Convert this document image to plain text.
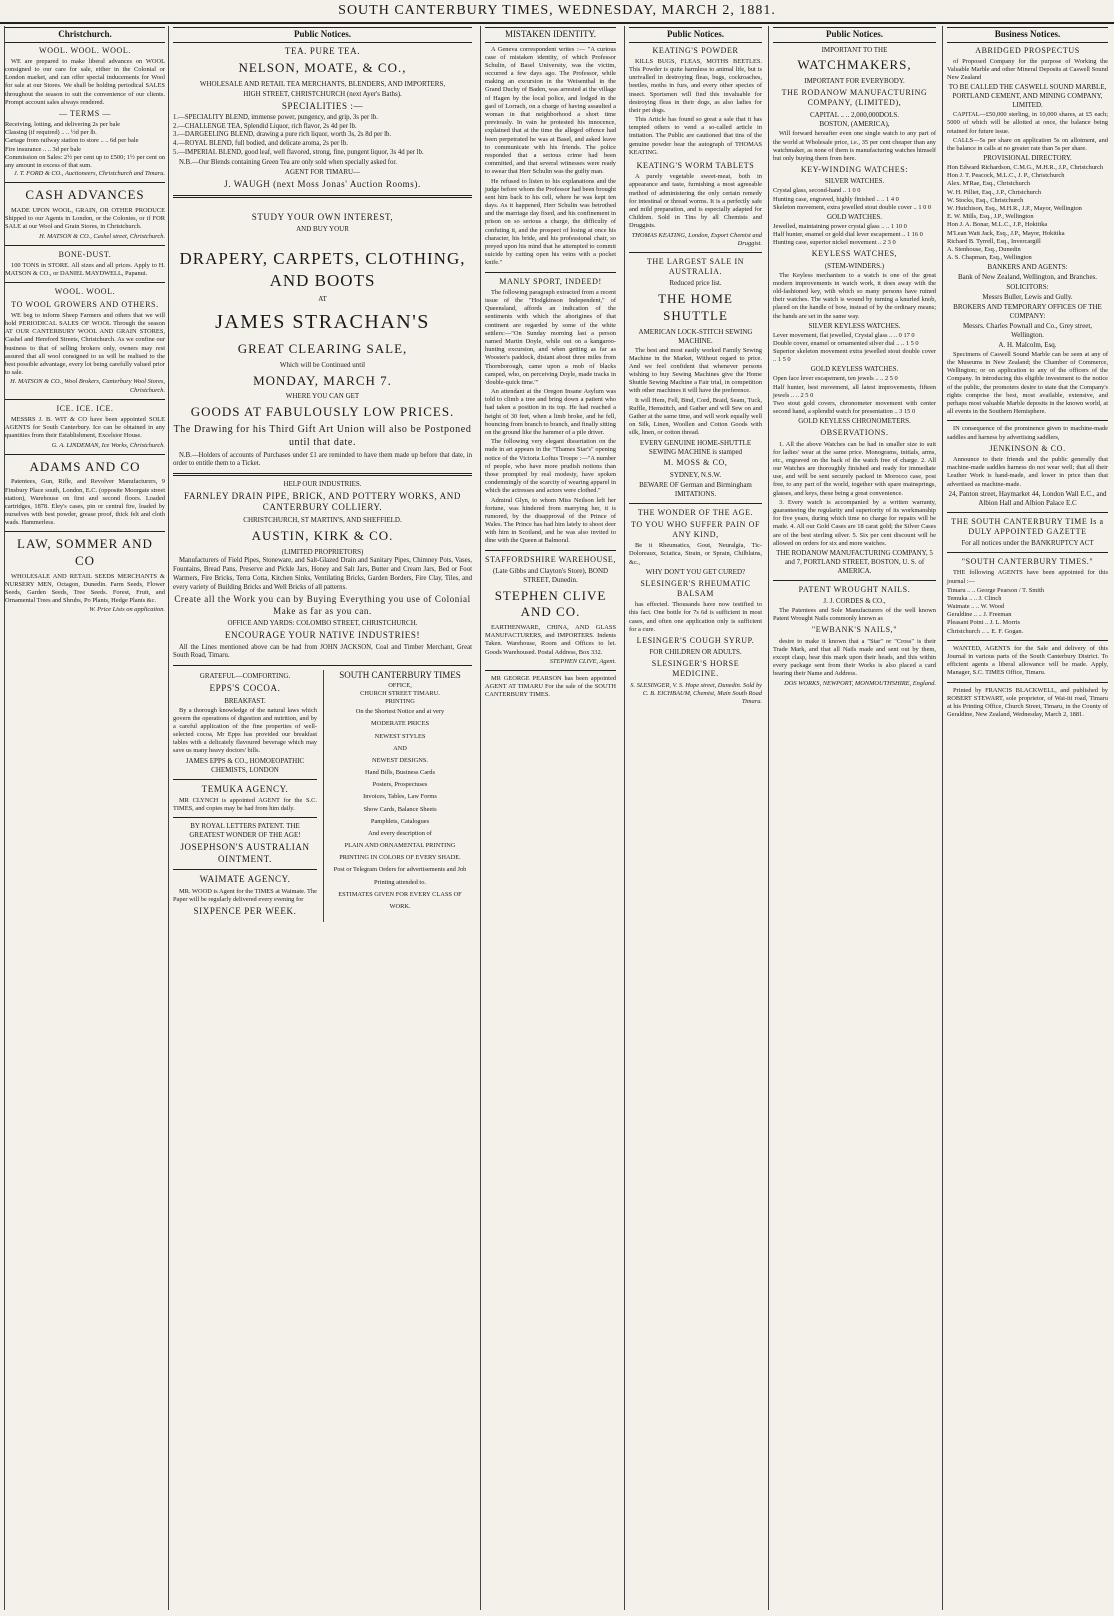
SOUTH CANTERBURY TIMES, WEDNESDAY, MARCH 2, 1881.
Christchurch.
WOOL. WOOL. WOOL.

WE are prepared to make liberal advances on WOOL consigned to our care for sale, either in the Colonial or London market, and can offer special inducements for Wool for sale at our Stores. We shall be holding periodical SALES throughout the season to suit the convenience of our clients. Prompt account sales always rendered.

— TERMS —
Receiving, lotting, and delivering 2s per bale
Classing (if required) .. .. ½d per lb.
Cartage from railway station to store .. .. 6d per bale
Fire insurance .. .. 3d per bale
Commission on Sales: 2½ per cent up to £500; 1½ per cent on any amount in excess of that sum.
J. T. FORD & CO., Auctioneers, Christchurch and Timaru.
CASH ADVANCES

MADE UPON WOOL, GRAIN, OR OTHER PRODUCE Shipped to our Agents in London, or the Colonies, or if FOR SALE at our Wool and Grain Stores, in Christchurch.

H. MATSON & CO., Cashel street, Christchurch.
BONE-DUST.

100 TONS in STORE. All sizes and all prices. Apply to H. MATSON & CO., or DANIEL MAYDWELL, Papanui.

WOOL. WOOL.
TO WOOL GROWERS AND OTHERS.

WE beg to inform Sheep Farmers and others that we will hold PERIODICAL SALES OF WOOL Through the season AT OUR CANTERBURY WOOL AND GRAIN STORES, Cashel and Hereford Streets, Christchurch. As we confine our business to that of selling brokers only, owners may rest assured that all wool consigned to us will be realised to the best possible advantage, every lot being carefully valued prior to sale.

H. MATSON & CO., Wool Brokers, Canterbury Wool Stores, Christchurch.
ICE. ICE. ICE.

MESSRS J. B. WIT & CO have been appointed SOLE AGENTS for South Canterbury. Ice can be obtained in any quantities from their Establishment, Excelsior House.

G. A. LINDEMAN, Ice Works, Christchurch.
ADAMS AND CO

Patentees, Gun, Rifle, and Revolver Manufacturers, 9 Finsbury Place south, London, E.C. (opposite Moorgate street station), Warehouse on first and second floors. Loaded cartridges, 1878. Eley's cases, pin or central fire, loaded by ourselves with best powder, grease proof, thick felt and cloth wads. Hammerless.

LAW, SOMMER AND CO

WHOLESALE AND RETAIL SEEDS MERCHANTS & NURSERY MEN, Octagon, Dunedin. Farm Seeds, Flower Seeds, Garden Seeds, Tree Seeds. Forest, Fruit, and Ornamental Trees and Shrubs, Po Plants, Hedge Plants &c.

W. Price Lists on application.
Public Notices.
TEA. PURE TEA.
NELSON, MOATE, & CO.,
WHOLESALE AND RETAIL TEA MERCHANTS, BLENDERS, AND IMPORTERS,
HIGH STREET, CHRISTCHURCH (next Ayer's Baths).
SPECIALITIES :—
1.—SPECIALITY BLEND, immense power, pungency, and grip, 3s per lb.
2.—CHALLENGE TEA, Splendid Liquor, rich flavor, 2s 4d per lb.
3.—DARGEELING BLEND, drawing a pure rich liquor, worth 3s, 2s 8d per lb.
4.—ROYAL BLEND, full bodied, and delicate aroma, 2s per lb.
5.—IMPERIAL BLEND, good leaf, well flavored, strong, fine, pungent liquor, 3s 4d per lb.

N.B.—Our Blends containing Green Tea are only sold when specially asked for.

AGENT FOR TIMARU—
J. WAUGH (next Moss Jonas' Auction Rooms).
STUDY YOUR OWN INTEREST,
AND BUY YOUR
DRAPERY, CARPETS, CLOTHING, AND BOOTS
AT
JAMES STRACHAN'S
GREAT CLEARING SALE,
Which will be Continued until
MONDAY, MARCH 7.
WHERE YOU CAN GET
GOODS AT FABULOUSLY LOW PRICES.
The Drawing for his Third Gift Art Union will also be Postponed until that date.

N.B.—Holders of accounts of Purchases under £1 are reminded to have them made up before that date, in order to entitle them to a Ticket.

HELP OUR INDUSTRIES.
FARNLEY DRAIN PIPE, BRICK, AND POTTERY WORKS, AND CANTERBURY COLLIERY.
CHRISTCHURCH, ST MARTIN'S, AND SHEFFIELD.
AUSTIN, KIRK & CO.
(LIMITED PROPRIETORS)

Manufacturers of Field Pipes, Stoneware, and Salt-Glazed Drain and Sanitary Pipes, Chimney Pots, Vases, Fountains, Bread Pans, Preserve and Pickle Jars, Honey and Salt Jars, Butter and Cream Jars, Bed or Foot Warmers, Fire Bricks, Terra Cotta, Kitchen Sinks, Ventilating Bricks, Garden Borders, Fire Clay, Tiles, and every variety of Building Bricks and Well Bricks of all patterns.

Create all the Work you can by Buying Everything you use of Colonial Make as far as you can.
OFFICE AND YARDS: COLOMBO STREET, CHRISTCHURCH.
ENCOURAGE YOUR NATIVE INDUSTRIES!

All the Lines mentioned above can be had from JOHN JACKSON, Coal and Timber Merchant, Great South Road, Timaru.

GRATEFUL—COMFORTING.
EPPS'S COCOA.
BREAKFAST.

By a thorough knowledge of the natural laws which govern the operations of digestion and nutrition, and by a careful application of the fine properties of well-selected cocoa, Mr Epps has provided our breakfast tables with a delicately flavoured beverage which may save us many heavy doctors' bills.

JAMES EPPS & CO., HOMOEOPATHIC CHEMISTS, LONDON
TEMUKA AGENCY.

MR CLYNCH is appointed AGENT for the S.C. TIMES, and copies may be had from him daily.

BY ROYAL LETTERS PATENT. THE GREATEST WONDER OF THE AGE!
JOSEPHSON'S AUSTRALIAN OINTMENT.
WAIMATE AGENCY.

MR. WOOD is Agent for the TIMES at Waimate. The Paper will be regularly delivered every evening for

SIXPENCE PER WEEK.
SOUTH CANTERBURY TIMES
OFFICE,
CHURCH STREET TIMARU.
PRINTING
On the Shortest Notice and at very
MODERATE PRICES
NEWEST STYLES
AND
NEWEST DESIGNS.
Hand Bills, Business Cards
Posters, Prospectuses
Invoices, Tables, Law Forms
Show Cards, Balance Sheets
Pamphlets, Catalogues
And every description of
PLAIN AND ORNAMENTAL PRINTING
PRINTING IN COLORS OF EVERY SHADE.
Post or Telegram Orders for advertisements and Job Printing attended to.
ESTIMATES GIVEN FOR EVERY CLASS OF WORK.
MISTAKEN IDENTITY.

A Geneva correspondent writes :— "A curious case of mistaken identity, of which Professor Schulin, of Basel University, was the victim, occurred a few days ago. The Professor, while making an excursion in the Weisenthal in the Grand Duchy of Baden, was arrested at the village of Hagen by the local police, and lodged in the gaol of Lorrach, on a charge of having assaulted a woman in that neighborhood a short time previously. In vain he protested his innocence, explained that at the time the alleged offence had been perpetrated he was at Basel, and asked leave to communicate with his friends. The police responded that a serious crime had been committed, and that several witnesses were ready to swear that Herr Schulin was the guilty man.

He refused to listen to his explanations and the judge before whom the Professor had been brought sent him back to his cell, where he was kept ten days. As it happened, Herr Schulin was betrothed and the marriage day fixed, and his confinement in prison on so serious a charge, the difficulty of confuting it, and the prospect of losing at once his character, his bride, and his professional chair, so preyed upon his mind that he attempted to commit suicide by cutting open his veins with a pocket knife."

MANLY SPORT, INDEED!

The following paragraph extracted from a recent issue of the "Hodgkinson Independent," of Queensland, affords an indication of the sentiments with which the aborigines of that continent are regarded by some of the white settlers:—"On Sunday morning last a person named Martin Doyle, while out on a kangaroo-hunting excursion, and when getting as far as Wooster's paddock, distant about three miles from Thornborough, came upon a mob of blacks camped, who, on perceiving Doyle, made tracks in 'double-quick time.'"

An attendant at the Oregon Insane Asylum was told to climb a tree and bring down a patient who had taken a position in its top. He had reached a height of 30 feet, when a limb broke, and he fell, bouncing from branch to branch, and finally sitting on the ground like the hammer of a pile driver.

The following very elegant dissertation on the nude in art appears in the "Thames Star's" opening notice of the Victoria Loftus Troupe :—"A number of people, who have more prudish notions than those prompted by real modesty, have spoken condemningly of the scarcity of wearing apparel in which the actresses and actors were clothed."

Admiral Glyn, to whom Miss Neilson left her fortune, was hindered from marrying her, it is rumored, by the disapproval of the Prince of Wales. The Prince has had him lately to shoot deer with him in Scotland, and he was also invited to dine with the Queen at Balmoral.

STAFFORDSHIRE WAREHOUSE,
(Late Gibbs and Clayton's Store), BOND STREET, Dunedin.
STEPHEN CLIVE AND CO.

EARTHENWARE, CHINA, AND GLASS MANUFACTURERS, and IMPORTERS. Indents Taken. Warehouse, Room and Offices to let. Goods Warehoused. Postal Address, Box 332.

STEPHEN CLIVE, Agent.

MR GEORGE PEARSON has been appointed AGENT AT TIMARU For the sale of the SOUTH CANTERBURY TIMES.

Public Notices.
KEATING'S POWDER

KILLS BUGS, FLEAS, MOTHS BEETLES. This Powder is quite harmless to animal life, but is unrivalled in destroying fleas, bugs, cockroaches, beetles, moths in furs, and every other species of insect. Sportsmen will find this invaluable for destroying fleas in their dogs, as also ladies for their pet dogs.

This Article has found so great a sale that it has tempted others to vend a so-called article in imitation. The Public are cautioned that tins of the genuine powder bear the autograph of THOMAS KEATING.

KEATING'S WORM TABLETS

A purely vegetable sweet-meat, both in appearance and taste, furnishing a most agreeable method of administering the only certain remedy for intestinal or thread worms. It is a perfectly safe and mild preparation, and is especially adapted for Children. Sold in Tins by all Chemists and Druggists.

THOMAS KEATING, London, Export Chemist and Druggist.
THE LARGEST SALE IN AUSTRALIA.
Reduced price list.
THE HOME SHUTTLE
AMERICAN LOCK-STITCH SEWING MACHINE.

The best and most easily worked Family Sewing Machine in the Market, Without regard to price. And we feel confident that whenever persons wishing to buy Sewing Machines give the Home Shuttle Sewing Machine a Fair trial, in competition with other machines it will have the preference.

It will Hem, Fell, Bind, Cord, Braid, Seam, Tuck, Ruffle, Hemstitch, and Gather and will Sew on and Gather at the same time, and will work equally well on Silk, Linen, Woollen and Cotton Goods with silk, linen, or cotton thread.

EVERY GENUINE HOME-SHUTTLE SEWING MACHINE is stamped
M. MOSS & CO,
SYDNEY, N.S.W.
BEWARE OF German and Birmingham IMITATIONS.
THE WONDER OF THE AGE.
TO YOU WHO SUFFER PAIN OF ANY KIND,

Be it Rheumatics, Gout, Neuralgia, Tic-Doloreaux, Sciatica, Strain, or Sprain, Chilblains, &c.,

WHY DON'T YOU GET CURED?
SLESINGER'S RHEUMATIC BALSAM

has effected. Thousands have now testified to this fact. One bottle for 7s 6d is sufficient in most cases, and often one application only is sufficient for a cure.

LESINGER'S COUGH SYRUP.
FOR CHILDREN OR ADULTS.
SLESINGER'S HORSE MEDICINE.
S. SLESINGER, V. S. Hope street, Dunedin. Sold by C. B. EICHBAUM, Chemist, Main South Road Timaru.
Public Notices.
IMPORTANT TO THE
WATCHMAKERS,
IMPORTANT FOR EVERYBODY.
THE RODANOW MANUFACTURING COMPANY, (LIMITED),
CAPITAL .. .. 2,000,000DOLS.
BOSTON, (AMERICA),

Will forward hereafter even one single watch to any part of the world at Wholesale price, i.e., 35 per cent cheaper than any watchmaker, as none of them is manufacturing watches himself but only buying them from here.

KEY-WINDING WATCHES:
SILVER WATCHES.
Crystal glass, second-hand .. 1 0 0
Hunting case, engraved, highly finished .. .. 1 4 0
Skeleton movement, extra jewelled stout double cover .. 1 0 0
GOLD WATCHES.
Jewelled, maintaining power crystal glass .. .. 1 10 0
Half hunter, enamel or gold dial lever escapement .. 1 16 0
Hunting case, superior nickel movement .. 2 3 0
KEYLESS WATCHES,
(STEM-WINDERS.)

The Keyless mechanism to a watch is one of the great modern improvements in watch work, it does away with the old-fashioned key, with which so many persons have ruined their watches. The watch is wound by turning a knurled knob, placed on the handle of bow, instead of by the ordinary means; the hands are set in the same way.

SILVER KEYLESS WATCHES.
Lever movement, flat jewelled, Crystal glass .. .. 0 17 0
Double cover, enamel or ornamented silver dial .. .. 1 5 0
Superior skeleton movement extra jewelled stout double cover .. 1 5 0
GOLD KEYLESS WATCHES.
Open face lever escapement, ten jewels .. .. 2 5 0
Half hunter, best movement, all latest improvements, fifteen jewels .. .. 2 5 0
Two stout gold covers, chronometer movement with center second hand, a splendid watch for presentation .. 3 15 0
GOLD KEYLESS CHRONOMETERS.
OBSERVATIONS.

1. All the above Watches can be had in smaller size to suit for ladies' wear at the same price. Monograms, initials, arms, etc., engraved on the back of the watch free of charge. 2. All our Watches are thoroughly finished and ready for immediate use, and will be sent securely packed in Morocco case, post free, to any part of the world, together with spare mainsprings, glasses, and keys, these being a great convenience.

3. Every watch is accompanied by a written warranty, guaranteeing the regularity and superiority of its workmanship for five years, during which time no charge for repairs will be made. 4. All our Gold Cases are 18 carat gold; the Silver Cases are of the best sterling silver. 5. Six per cent discount will be allowed on orders for six and more watches.

THE RODANOW MANUFACTURING COMPANY, 5 and 7, PORTLAND STREET, BOSTON, U. S. of AMERICA.
PATENT WROUGHT NAILS.
J. J. CORDES & CO.,

The Patentees and Sole Manufacturers of the well known Patent Wrought Nails commonly known as

"EWBANK'S NAILS,"

desire to make it known that a "Star" or "Cross" is their Trade Mark, and that all Nails made and sent out by them, except clasp, bear this mark upon their heads, and this within every package sent from their Works is also placed a card bearing their Name and Address.

DOS WORKS, NEWPORT, MONMOUTHSHIRE, England.
Business Notices.
ABRIDGED PROSPECTUS

of Proposed Company for the purpose of Working the Valuable Marble and other Mineral Deposits at Caswell Sound New Zealand

TO BE CALLED THE CASWELL SOUND MARBLE, PORTLAND CEMENT, AND MINING COMPANY, LIMITED.

CAPITAL—£50,000 sterling, in 10,000 shares, at £5 each; 5000 of which will be allotted at once, the balance being retained for future issue.

CALLS—5s per share on application 5s on allotment, and the balance in calls at no greater rate than 5s per share.

PROVISIONAL DIRECTORY.
Hon Edward Richardson, C.M.G., M.H.R., J.P., Christchurch
Hon J. T. Peacock, M.L.C., J. P., Christchurch
Alex. M'Rae, Esq., Christchurch
W. H. Pilliet, Esq., J.P., Christchurch
W. Stocks, Esq., Christchurch
W. Hutchison, Esq., M.H.R., J.P., Mayor, Wellington
E. W. Mills, Esq., J.P., Wellington
Hon J. A. Bonar, M.L.C., J.P., Hokitika
M'Lean Watt Jack, Esq., J.P., Mayor, Hokitika
Richard B. Tyrrell, Esq., Invercargill
A. Stenhouse, Esq., Dunedin
A. S. Chapman, Esq., Wellington
BANKERS AND AGENTS:
Bank of New Zealand, Wellington, and Branches.
SOLICITORS:
Messrs Buller, Lewis and Gully.
BROKERS AND TEMPORARY OFFICES OF THE COMPANY:
Messrs. Charles Pownall and Co., Grey street, Wellington.
A. H. Malcolm, Esq.

Specimens of Caswell Sound Marble can be seen at any of the Museums in New Zealand; the Chamber of Commerce, Wellington; or on application to any of the officers of the Company. In introducing this eligible investment to the notice of the public, the promoters desire to state that the Company's rights comprise the best, most available, extensive, and perhaps most valuable Marble deposits in the known world, at all events in the Southern Hemisphere.

IN consequence of the prominence given to machine-made saddles and harness by advertising saddlers,

JENKINSON & CO.

Announce to their friends and the public generally that machine-made saddles harness do not wear well; that all their Leather Work is hand-made, and lower in price than that advertised as machine-made.

24, Panton street, Haymarket 44, London Wall E.C., and Albion Hall and Albion Palace E.C
THE SOUTH CANTERBURY TIME Is a DULY APPOINTED GAZETTE
For all notices under the BANKRUPTCY ACT
"SOUTH CANTERBURY TIMES."

THE following AGENTS have been appointed for this journal :—

Timaru .. .. George Pearson / T. Smith
Temuka .. .. J. Clinch
Waimate .. .. W. Wood
Geraldine .. .. J. Freeman
Pleasant Point .. J. L. Morris
Christchurch .. .. E. F. Gogan.

WANTED, AGENTS for the Sale and delivery of this Journal in various parts of the South Canterbury District. To efficient agents a liberal allowance will be made. Apply, Manager, S.C. TIMES Office, Timaru.

Printed by FRANCIS BLACKWELL, and published by ROBERT STEWART, sole proprietor, of Wai-iti road, Timaru at his Printing Office, Church Street, Timaru, in the County of Geraldine, New Zealand, Wednesday, March 2, 1881.
